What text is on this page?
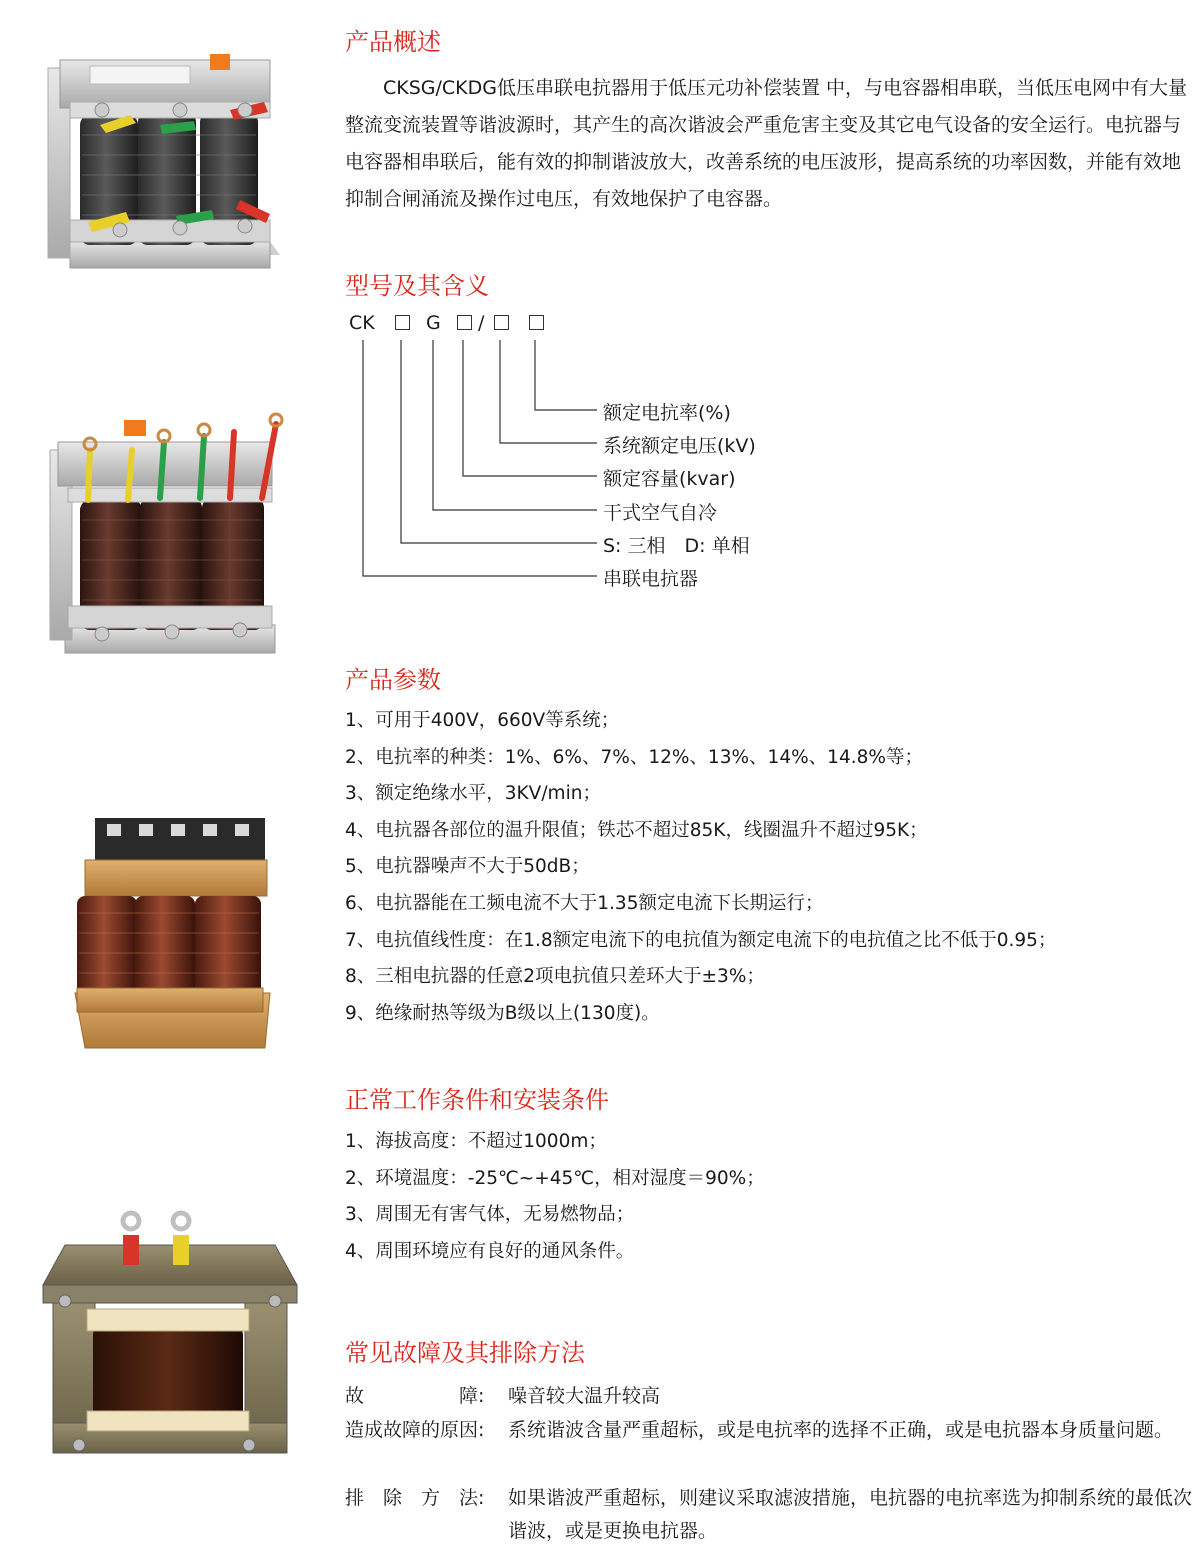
产品概述

CKSG/CKDG低压串联电抗器用于低压元功补偿装置 中，与电容器相串联，当低压电网中有大量整流变流装置等谐波源时，其产生的高次谐波会严重危害主变及其它电气设备的安全运行。电抗器与电容器相串联后，能有效的抑制谐波放大，改善系统的电压波形，提高系统的功率因数，并能有效地抑制合闸涌流及操作过电压，有效地保护了电容器。

型号及其含义
CK	G /
额定电抗率(%)
系统额定电压(kV)
额定容量(kvar)
干式空气自冷
S: 三相　D: 单相
串联电抗器
产品参数
1、可用于400V，660V等系统；
2、电抗率的种类：1%、6%、7%、12%、13%、14%、14.8%等；
3、额定绝缘水平，3KV/min；
4、电抗器各部位的温升限值；铁芯不超过85K，线圈温升不超过95K；
5、电抗器噪声不大于50dB；
6、电抗器能在工频电流不大于1.35额定电流下长期运行；
7、电抗值线性度：在1.8额定电流下的电抗值为额定电流下的电抗值之比不低于0.95；
8、三相电抗器的任意2项电抗值只差环大于±3%；
9、绝缘耐热等级为B级以上(130度)。
正常工作条件和安装条件
1、海拔高度：不超过1000m；
2、环境温度：-25℃~+45℃，相对湿度＝90%；
3、周围无有害气体，无易燃物品；
4、周围环境应有良好的通风条件。
常见故障及其排除方法
故　　　　　障:	噪音较大温升较高
造成故障的原因:	系统谐波含量严重超标，或是电抗率的选择不正确，或是电抗器本身质量问题。
排　除　方　法:	如果谐波严重超标，则建议采取滤波措施，电抗器的电抗率选为抑制系统的最低次谐波，或是更换电抗器。
